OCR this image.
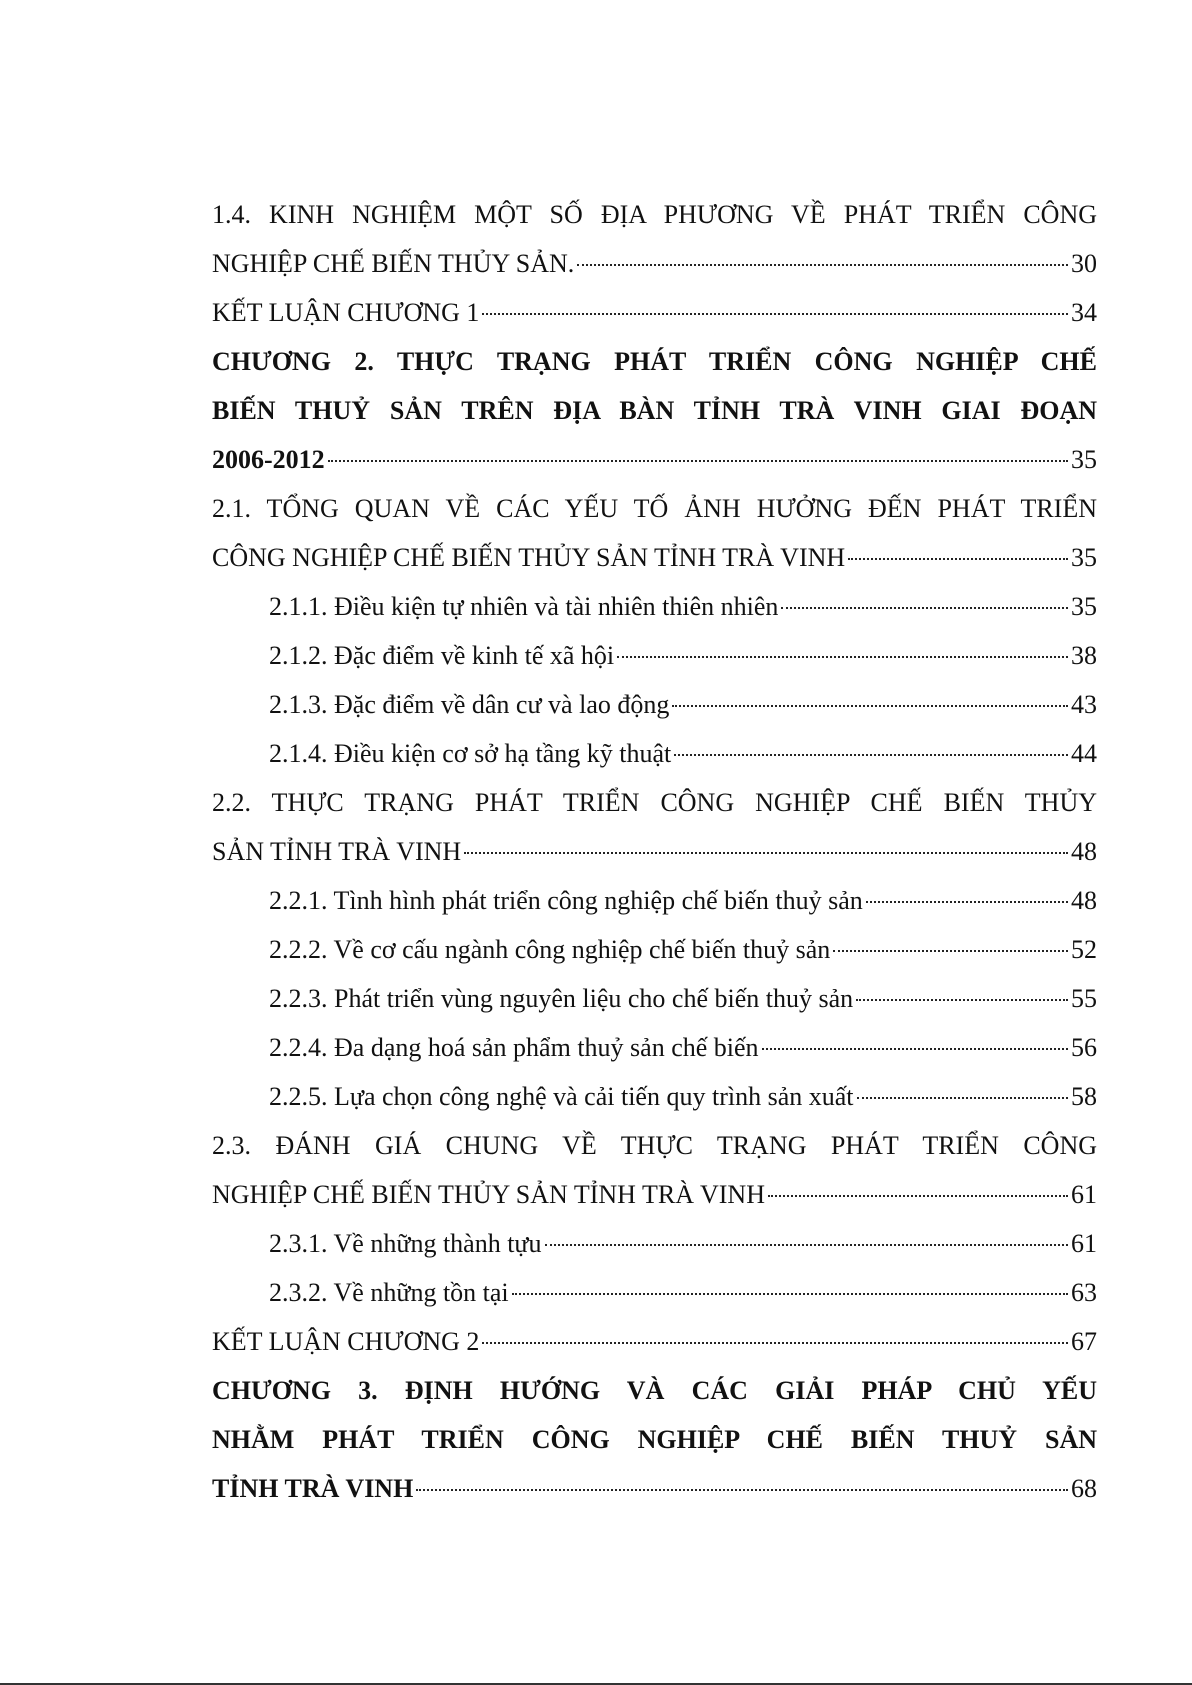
1.4. KINH NGHIỆM MỘT SỐ ĐỊA PHƯƠNG VỀ PHÁT TRIỂN CÔNG
NGHIỆP CHẾ BIẾN THỦY SẢN.	30
KẾT LUẬN CHƯƠNG 1	34
CHƯƠNG 2. THỰC TRẠNG PHÁT TRIỂN CÔNG NGHIỆP CHẾ
BIẾN THUỶ SẢN TRÊN ĐỊA BÀN TỈNH TRÀ VINH GIAI ĐOẠN
2006-2012	35
2.1. TỔNG QUAN VỀ CÁC YẾU TỐ ẢNH HƯỞNG ĐẾN PHÁT TRIỂN
CÔNG NGHIỆP CHẾ BIẾN THỦY SẢN TỈNH TRÀ VINH	35
2.1.1. Điều kiện tự nhiên và tài nhiên thiên nhiên	35
2.1.2. Đặc điểm về kinh tế xã hội	38
2.1.3. Đặc điểm về dân cư và lao động	43
2.1.4. Điều kiện cơ sở hạ tầng kỹ thuật	44
2.2. THỰC TRẠNG PHÁT TRIỂN CÔNG NGHIỆP CHẾ BIẾN THỦY
SẢN TỈNH TRÀ VINH	48
2.2.1. Tình hình phát triển công nghiệp chế biến thuỷ sản	48
2.2.2. Về cơ cấu ngành công nghiệp chế biến thuỷ sản	52
2.2.3. Phát triển vùng nguyên liệu cho chế biến thuỷ sản	55
2.2.4. Đa dạng hoá sản phẩm thuỷ sản chế biến	56
2.2.5. Lựa chọn công nghệ và cải tiến quy trình sản xuất	58
2.3. ĐÁNH GIÁ CHUNG VỀ THỰC TRẠNG PHÁT TRIỂN CÔNG
NGHIỆP CHẾ BIẾN THỦY SẢN TỈNH TRÀ VINH	61
2.3.1. Về những thành tựu	61
2.3.2. Về những tồn tại	63
KẾT LUẬN CHƯƠNG 2	67
CHƯƠNG 3. ĐỊNH HƯỚNG VÀ CÁC GIẢI PHÁP CHỦ YẾU
NHẰM PHÁT TRIỂN CÔNG NGHIỆP CHẾ BIẾN THUỶ SẢN
TỈNH TRÀ VINH	68
